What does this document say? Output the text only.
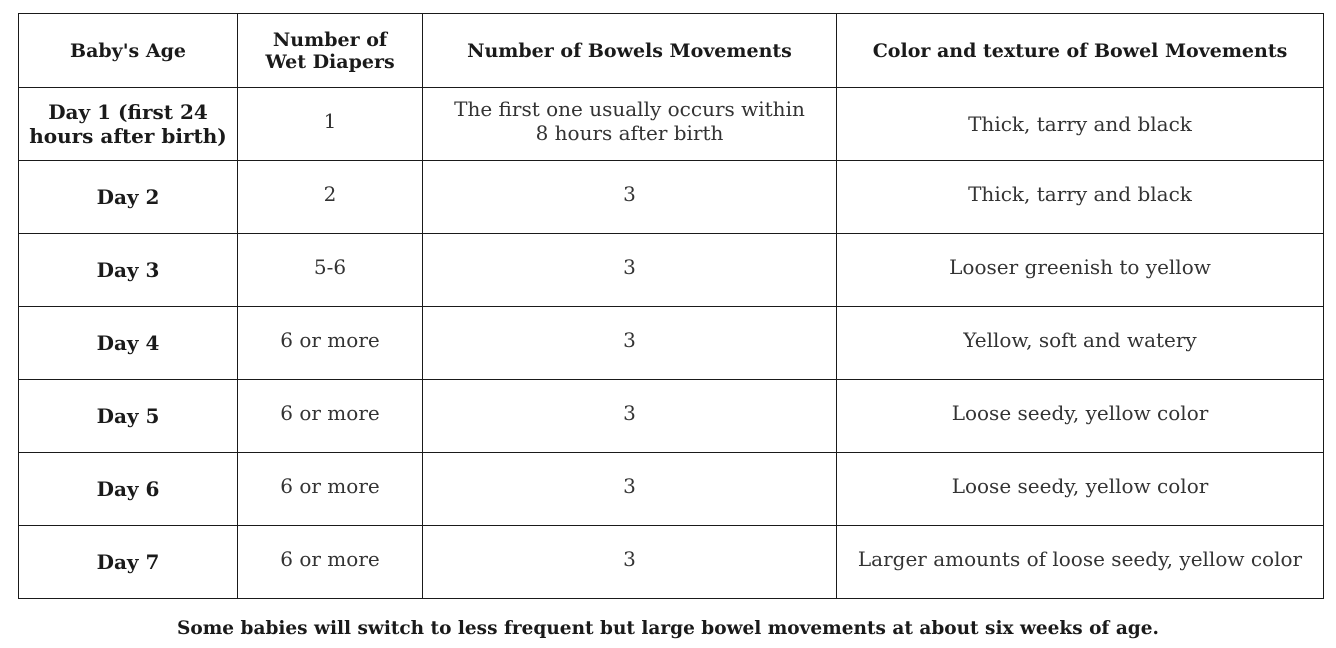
Baby's Age	Number of Wet Diapers	Number of Bowels Movements	Color and texture of Bowel Movements
Day 1 (first 24 hours after birth)	1	The first one usually occurs within 8 hours after birth	Thick, tarry and black
Day 2	2	3	Thick, tarry and black
Day 3	5-6	3	Looser greenish to yellow
Day 4	6 or more	3	Yellow, soft and watery
Day 5	6 or more	3	Loose seedy, yellow color
Day 6	6 or more	3	Loose seedy, yellow color
Day 7	6 or more	3	Larger amounts of loose seedy, yellow color
Some babies will switch to less frequent but large bowel movements at about six weeks of age.
